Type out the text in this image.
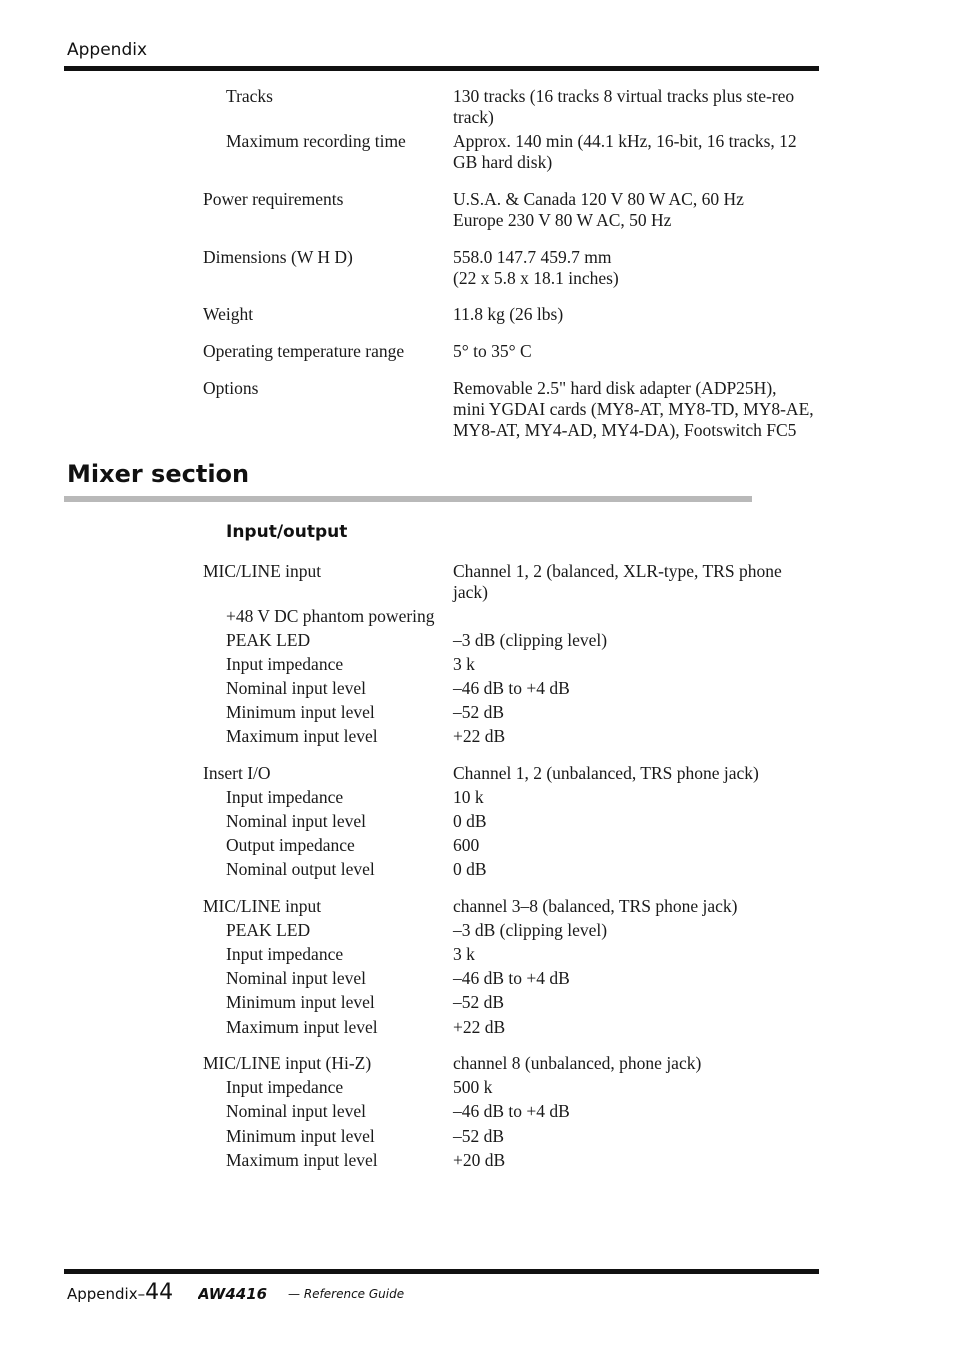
Appendix
Tracks	130 tracks (16 tracks 8 virtual tracks plus ste-reo track)
Maximum recording time	Approx. 140 min (44.1 kHz, 16-bit, 16 tracks, 12 GB hard disk)
Power requirements	U.S.A. & Canada 120 V 80 W AC, 60 Hz
Europe 230 V 80 W AC, 50 Hz
Dimensions (W H D)	558.0 147.7 459.7 mm
(22 x 5.8 x 18.1 inches)
Weight	11.8 kg (26 lbs)
Operating temperature range	5° to 35° C
Options	Removable 2.5" hard disk adapter (ADP25H),
mini YGDAI cards (MY8-AT, MY8-TD, MY8-AE,
MY8-AT, MY4-AD, MY4-DA), Footswitch FC5
Mixer section
Input/output
MIC/LINE input	Channel 1, 2 (balanced, XLR-type, TRS phone jack)
+48 V DC phantom powering
PEAK LED	–3 dB (clipping level)
Input impedance	3 k
Nominal input level	–46 dB to +4 dB
Minimum input level	–52 dB
Maximum input level	+22 dB
Insert I/O	Channel 1, 2 (unbalanced, TRS phone jack)
Input impedance	10 k
Nominal input level	0 dB
Output impedance	600
Nominal output level	0 dB
MIC/LINE input	channel 3–8 (balanced, TRS phone jack)
PEAK LED	–3 dB (clipping level)
Input impedance	3 k
Nominal input level	–46 dB to +4 dB
Minimum input level	–52 dB
Maximum input level	+22 dB
MIC/LINE input (Hi-Z)	channel 8 (unbalanced, phone jack)
Input impedance	500 k
Nominal input level	–46 dB to +4 dB
Minimum input level	–52 dB
Maximum input level	+20 dB
Appendix–44 AW4416 — Reference Guide
